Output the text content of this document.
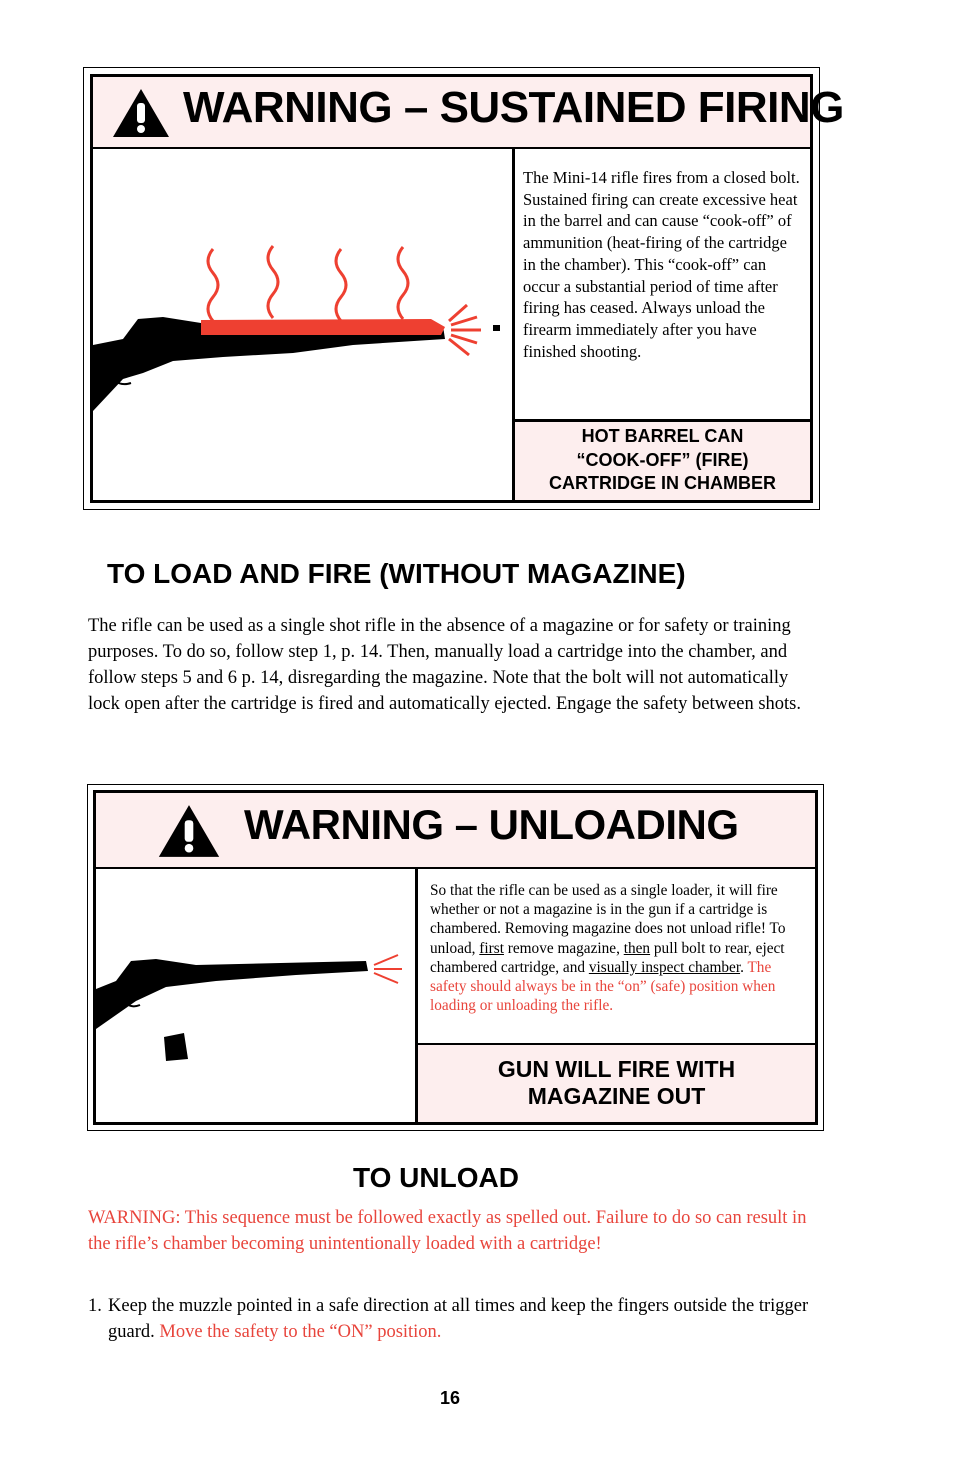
WARNING – SUSTAINED FIRING
The Mini-14 rifle fires from a closed bolt. Sustained firing can create excessive heat in the barrel and can cause “cook-off” of ammunition (heat-firing of the cartridge in the chamber). This “cook-off” can occur a substantial period of time after firing has ceased. Always unload the firearm immediately after you have finished shooting.
HOT BARREL CAN
“COOK-OFF” (FIRE)
CARTRIDGE IN CHAMBER
TO LOAD AND FIRE (WITHOUT MAGAZINE)
The rifle can be used as a single shot rifle in the absence of a magazine or for safety or training purposes. To do so, follow step 1, p. 14. Then, manually load a cartridge into the chamber, and follow steps 5 and 6 p. 14, disregarding the magazine. Note that the bolt will not automatically lock open after the cartridge is fired and automatically ejected. Engage the safety between shots.
WARNING – UNLOADING
So that the rifle can be used as a single loader, it will fire whether or not a magazine is in the gun if a cartridge is chambered. Removing magazine does not unload rifle! To unload, first remove magazine, then pull bolt to rear, eject chambered cartridge, and visually inspect chamber. The safety should always be in the “on” (safe) position when loading or unloading the rifle.
GUN WILL FIRE WITH
MAGAZINE OUT
TO UNLOAD
WARNING: This sequence must be followed exactly as spelled out. Failure to do so can result in the rifle’s chamber becoming unintentionally loaded with a cartridge!
1. Keep the muzzle pointed in a safe direction at all times and keep the fingers outside the trigger guard. Move the safety to the “ON” position.
16
